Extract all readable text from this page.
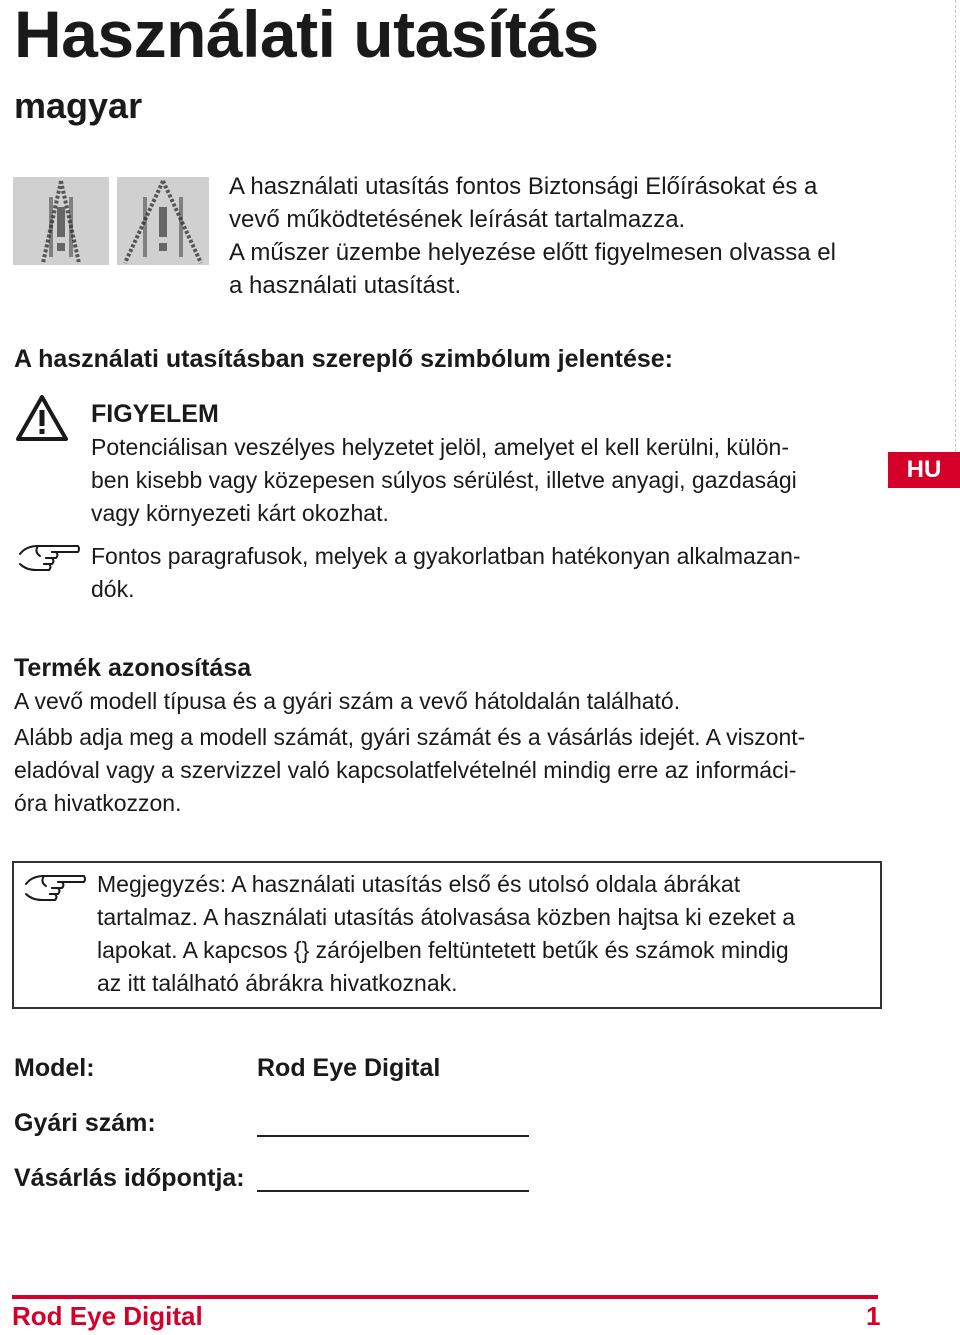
Használati utasítás
magyar

A használati utasítás fontos Biztonsági Előírásokat és a

vevő működtetésének leírását tartalmazza.

A műszer üzembe helyezése előtt figyelmesen olvassa el

a használati utasítást.

A használati utasításban szereplő szimbólum jelentése:
FIGYELEM
Potenciálisan veszélyes helyzetet jelöl, amelyet el kell kerülni, külön-
ben kisebb vagy közepesen súlyos sérülést, illetve anyagi, gazdasági
vagy környezeti kárt okozhat.
Fontos paragrafusok, melyek a gyakorlatban hatékonyan alkalmazan-
dók.
HU
Termék azonosítása
A vevő modell típusa és a gyári szám a vevő hátoldalán található.
Alább adja meg a modell számát, gyári számát és a vásárlás idejét. A viszont-
eladóval vagy a szervizzel való kapcsolatfelvételnél mindig erre az informáci-
óra hivatkozzon.
Megjegyzés: A használati utasítás első és utolsó oldala ábrákat
tartalmaz. A használati utasítás átolvasása közben hajtsa ki ezeket a
lapokat. A kapcsos {} zárójelben feltüntetett betűk és számok mindig
az itt található ábrákra hivatkoznak.
Model:	Rod Eye Digital
Gyári szám:
Vásárlás időpontja:
Rod Eye Digital	1
